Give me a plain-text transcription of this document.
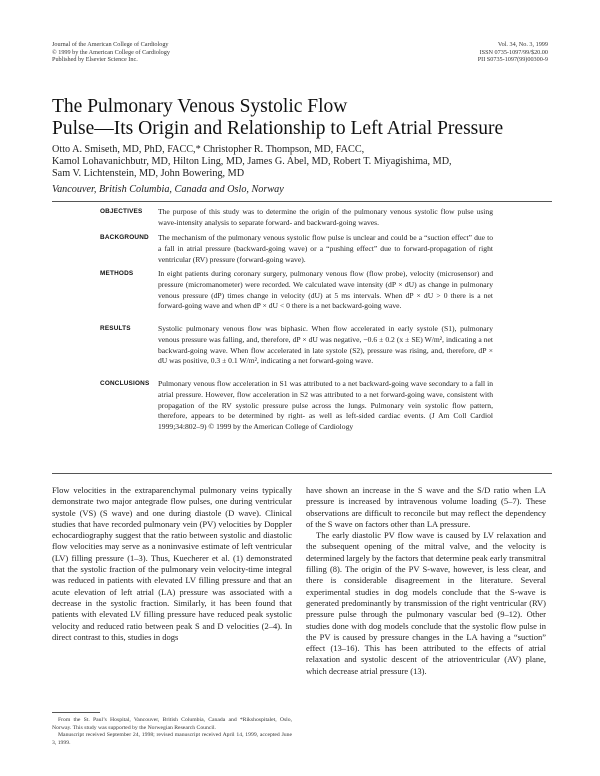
Journal of the American College of Cardiology
© 1999 by the American College of Cardiology
Published by Elsevier Science Inc.
Vol. 34, No. 3, 1999
ISSN 0735-1097/99/$20.00
PII S0735-1097(99)00300-9
The Pulmonary Venous Systolic Flow
Pulse—Its Origin and Relationship to Left Atrial Pressure
Otto A. Smiseth, MD, PhD, FACC,* Christopher R. Thompson, MD, FACC,
Kamol Lohavanichbutr, MD, Hilton Ling, MD, James G. Abel, MD, Robert T. Miyagishima, MD,
Sam V. Lichtenstein, MD, John Bowering, MD
Vancouver, British Columbia, Canada and Oslo, Norway
OBJECTIVES The purpose of this study was to determine the origin of the pulmonary venous systolic flow pulse using wave-intensity analysis to separate forward- and backward-going waves.
BACKGROUND The mechanism of the pulmonary venous systolic flow pulse is unclear and could be a “suction effect” due to a fall in atrial pressure (backward-going wave) or a “pushing effect” due to forward-propagation of right ventricular (RV) pressure (forward-going wave).
METHODS	In eight patients during coronary surgery, pulmonary venous flow (flow probe), velocity (microsensor) and pressure (micromanometer) were recorded. We calculated wave intensity (dP × dU) as change in pulmonary venous pressure (dP) times change in velocity (dU) at 5 ms intervals. When dP × dU > 0 there is a net forward-going wave and when dP × dU < 0 there is a net backward-going wave.
RESULTS	Systolic pulmonary venous flow was biphasic. When flow accelerated in early systole (S1), pulmonary venous pressure was falling, and, therefore, dP × dU was negative, −0.6 ± 0.2 (x ± SE) W/m², indicating a net backward-going wave. When flow accelerated in late systole (S2), pressure was rising, and, therefore, dP × dU was positive, 0.3 ± 0.1 W/m², indicating a net forward-going wave.
CONCLUSIONS Pulmonary venous flow acceleration in S1 was attributed to a net backward-going wave secondary to a fall in atrial pressure. However, flow acceleration in S2 was attributed to a net forward-going wave, consistent with propagation of the RV systolic pressure pulse across the lungs. Pulmonary vein systolic flow pattern, therefore, appears to be determined by right- as well as left-sided cardiac events. (J Am Coll Cardiol 1999;34:802–9) © 1999 by the American College of Cardiology

Flow velocities in the extraparenchymal pulmonary veins typically demonstrate two major antegrade flow pulses, one during ventricular systole (VS) (S wave) and one during diastole (D wave). Clinical studies that have recorded pulmonary vein (PV) velocities by Doppler echocardiography suggest that the ratio between systolic and diastolic flow velocities may serve as a noninvasive estimate of left ventricular (LV) filling pressure (1–3). Thus, Kuecherer et al. (1) demonstrated that the systolic fraction of the pulmonary vein velocity-time integral was reduced in patients with elevated LV filling pressure and that an acute elevation of left atrial (LA) pressure was associated with a decrease in the systolic fraction. Similarly, it has been found that patients with elevated LV filling pressure have reduced peak systolic velocity and reduced ratio between peak S and D velocities (2–4). In direct contrast to this, studies in dogs

have shown an increase in the S wave and the S/D ratio when LA pressure is increased by intravenous volume loading (5–7). These observations are difficult to reconcile but may reflect the dependency of the S wave on factors other than LA pressure.

The early diastolic PV flow wave is caused by LV relaxation and the subsequent opening of the mitral valve, and the velocity is determined largely by the factors that determine peak early transmitral filling (8). The origin of the PV S-wave, however, is less clear, and there is considerable disagreement in the literature. Several experimental studies in dog models conclude that the S-wave is generated predominantly by transmission of the right ventricular (RV) pressure pulse through the pulmonary vascular bed (9–12). Other studies done with dog models conclude that the systolic flow pulse in the PV is caused by pressure changes in the LA having a “suction” effect (13–16). This has been attributed to the effects of atrial relaxation and systolic descent of the atrioventricular (AV) plane, which decrease atrial pressure (13).

From the St. Paul’s Hospital, Vancouver, British Columbia, Canada and *Rikshospitalet, Oslo, Norway. This study was supported by the Norwegian Research Council.

Manuscript received September 24, 1998; revised manuscript received April 14, 1999, accepted June 3, 1999.
